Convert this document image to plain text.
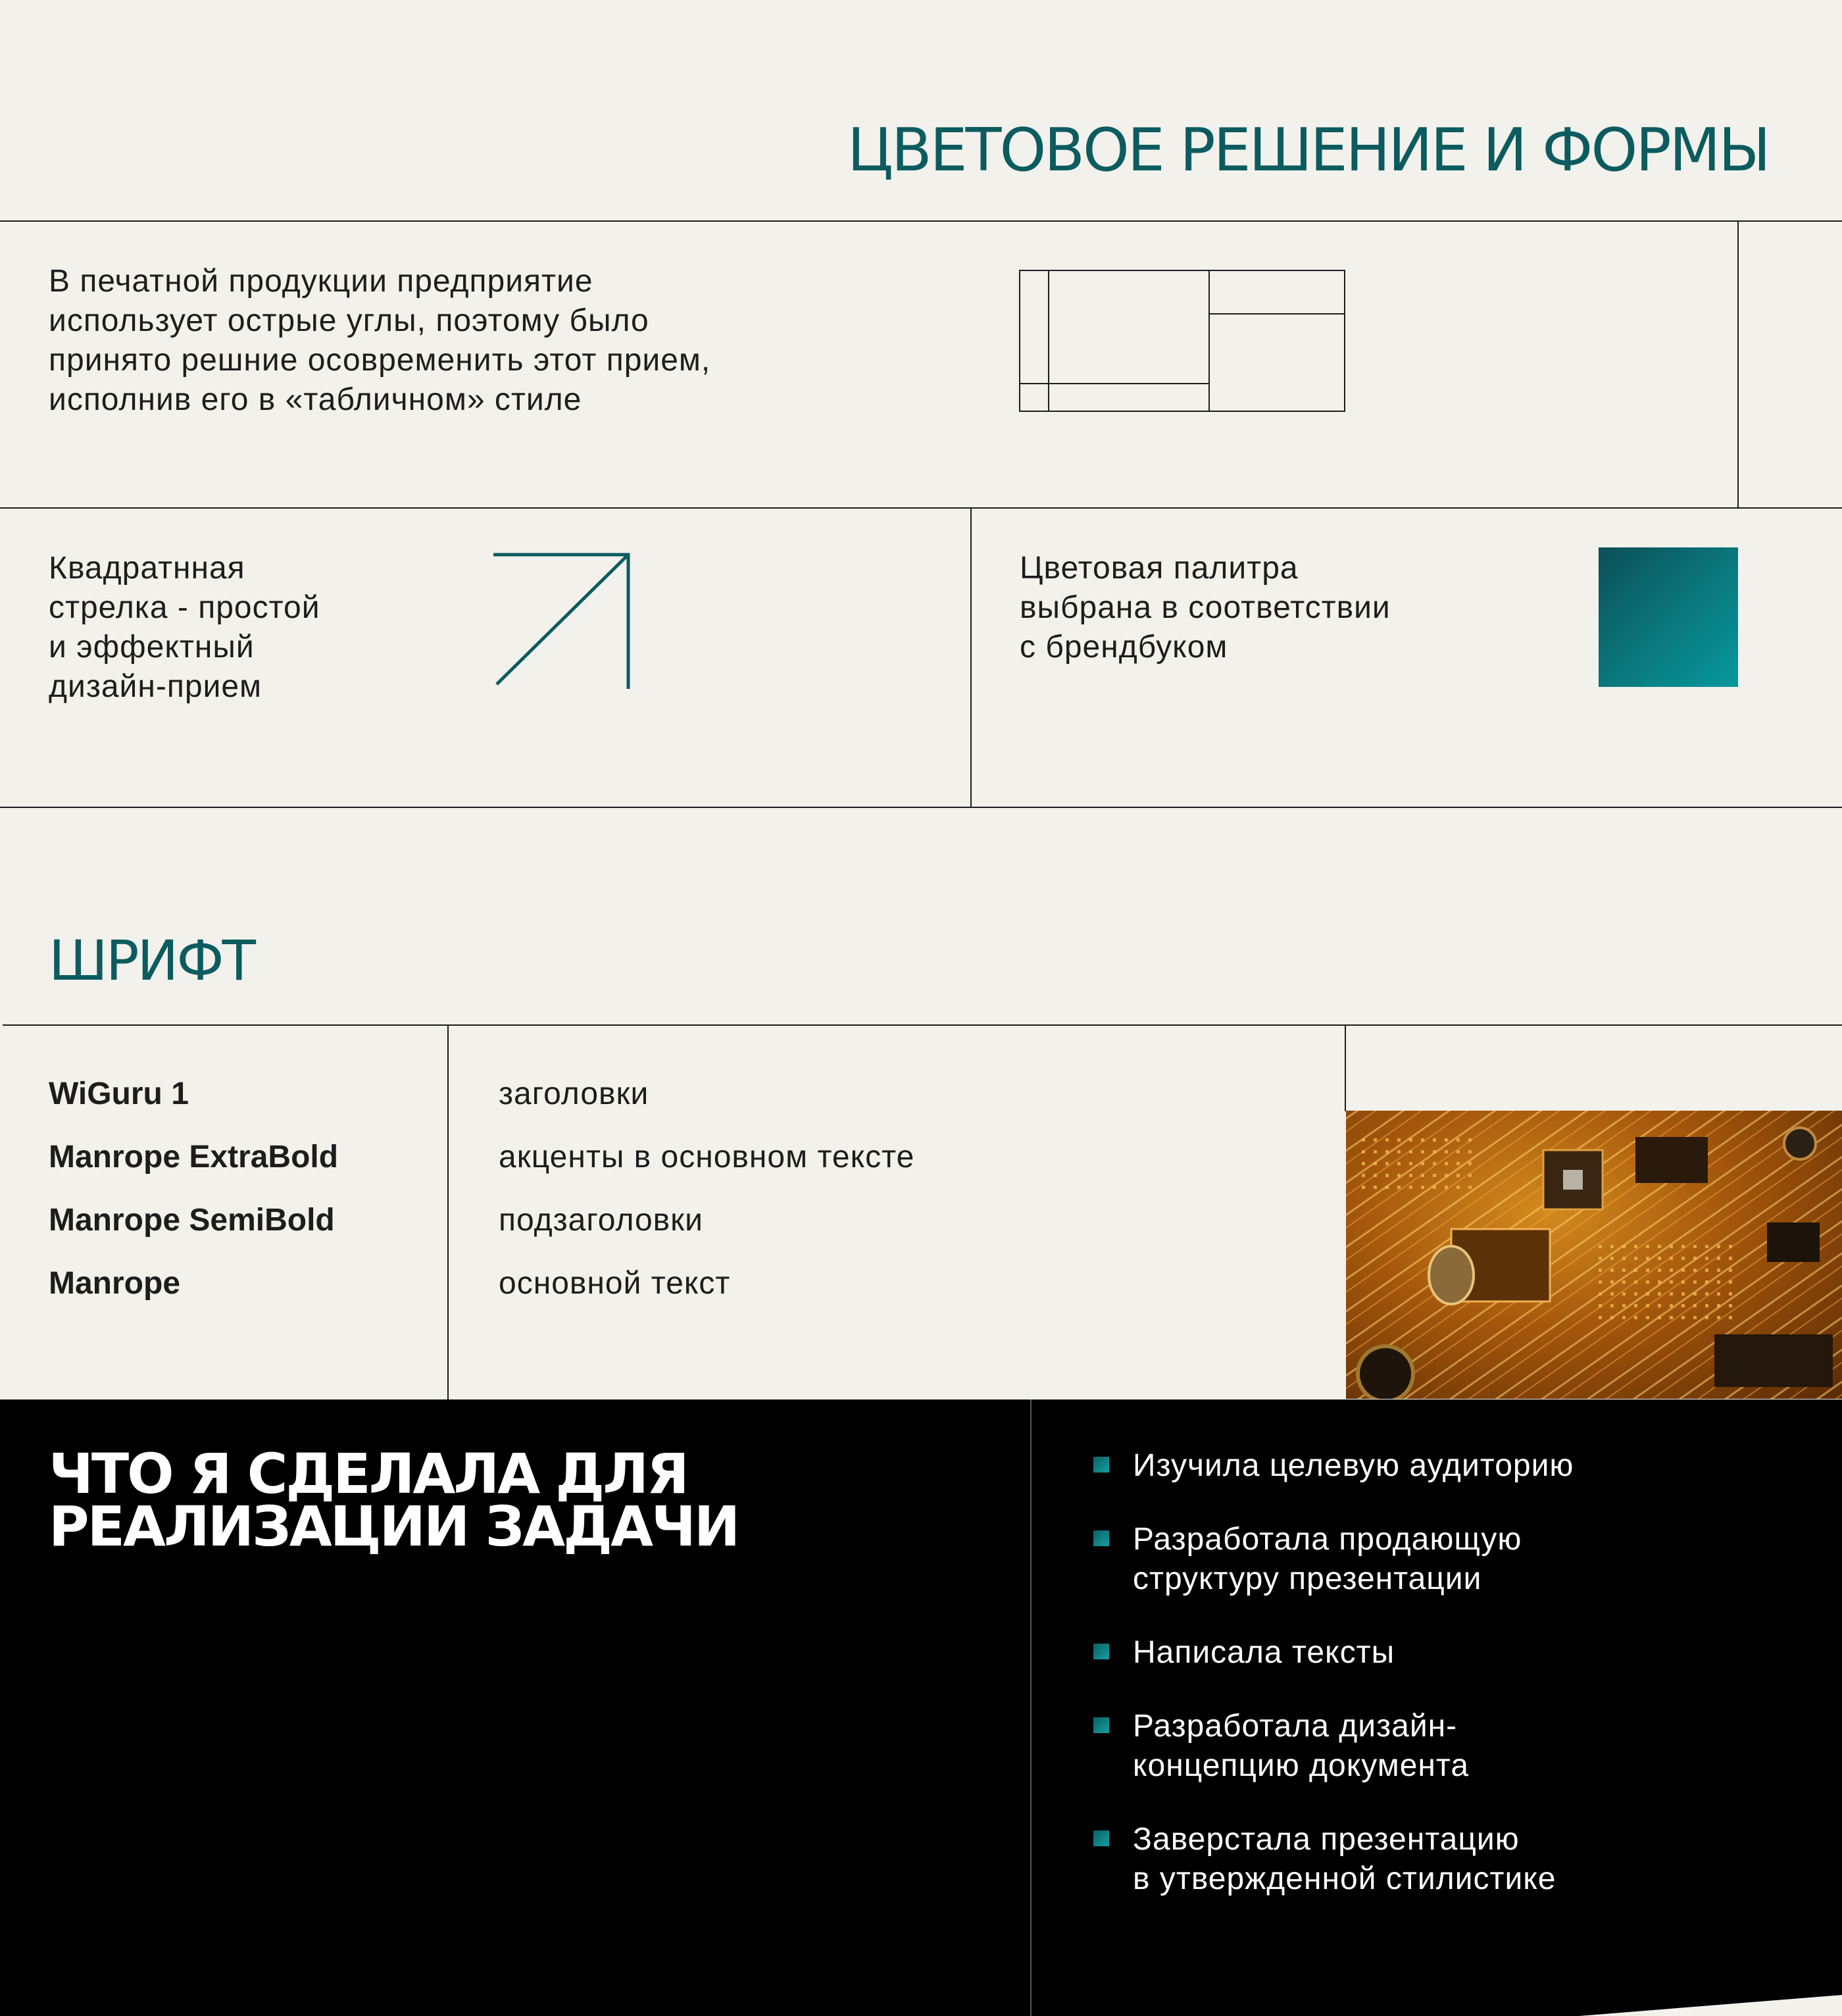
ЦВЕТОВОЕ РЕШЕНИЕ И ФОРМЫ

В печатной продукции предприятие
использует острые углы, поэтому было
принято решние осовременить этот прием,
исполнив его в «табличном» стиле

Квадратнная
стрелка - простой
и эффектный
дизайн-прием

Цветовая палитра
выбрана в соответствии
с брендбуком

ШРИФТ
WiGuru 1
Manrope ExtraBold
Manrope SemiBold
Manrope
заголовки
акценты в основном тексте
подзаголовки
основной текст
ЧТО Я СДЕЛАЛА ДЛЯ
РЕАЛИЗАЦИИ ЗАДАЧИ

Изучила целевую аудиторию

Разработала продающую
структуру презентации

Написала тексты

Разработала дизайн-
концепцию документа

Заверстала презентацию
в утвержденной стилистике
